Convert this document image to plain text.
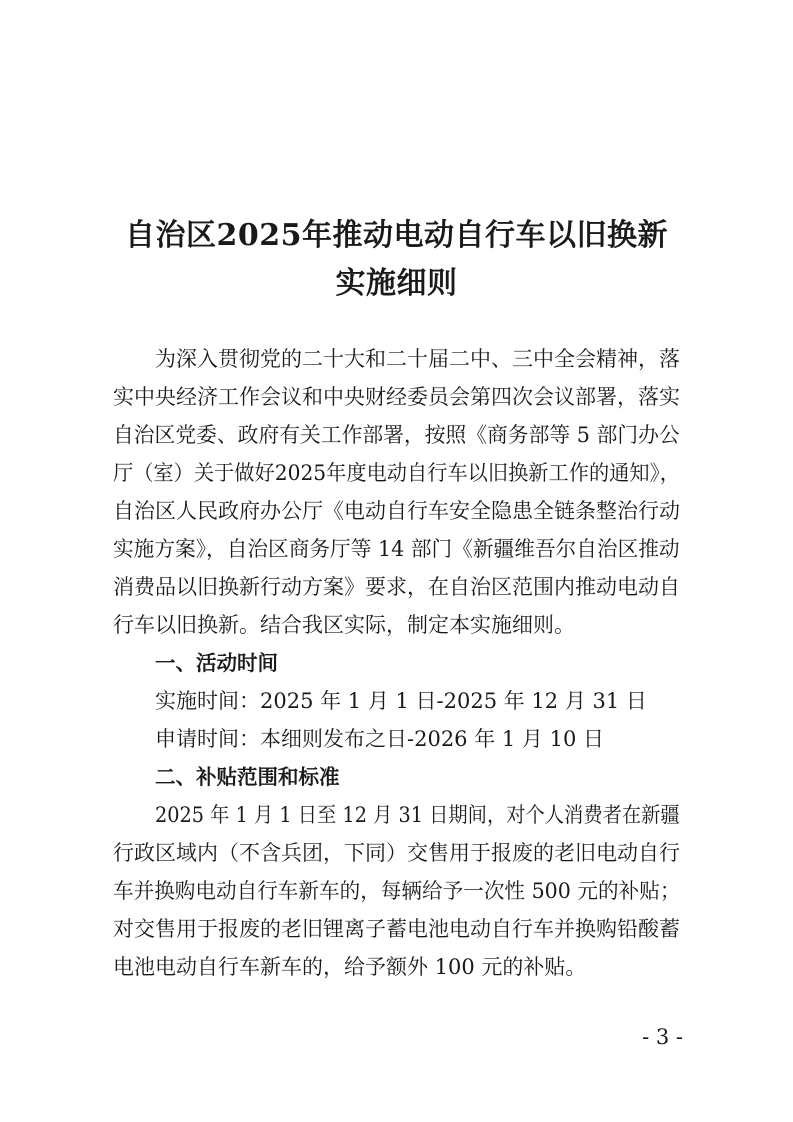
自治区2025年推动电动自行车以旧换新
实施细则
为深入贯彻党的二十大和二十届二中、三中全会精神，落
实中央经济工作会议和中央财经委员会第四次会议部署，落实
自治区党委、政府有关工作部署，按照《商务部等 5 部门办公
厅（室）关于做好2025年度电动自行车以旧换新工作的通知》，
自治区人民政府办公厅《电动自行车安全隐患全链条整治行动
实施方案》，自治区商务厅等 14 部门《新疆维吾尔自治区推动
消费品以旧换新行动方案》要求，在自治区范围内推动电动自
行车以旧换新。结合我区实际，制定本实施细则。
一、活动时间
实施时间：2025 年 1 月 1 日-2025 年 12 月 31 日
申请时间：本细则发布之日-2026 年 1 月 10 日
二、补贴范围和标准
2025 年 1 月 1 日至 12 月 31 日期间，对个人消费者在新疆
行政区域内（不含兵团，下同）交售用于报废的老旧电动自行
车并换购电动自行车新车的，每辆给予一次性 500 元的补贴；
对交售用于报废的老旧锂离子蓄电池电动自行车并换购铅酸蓄
电池电动自行车新车的，给予额外 100 元的补贴。
- 3 -
